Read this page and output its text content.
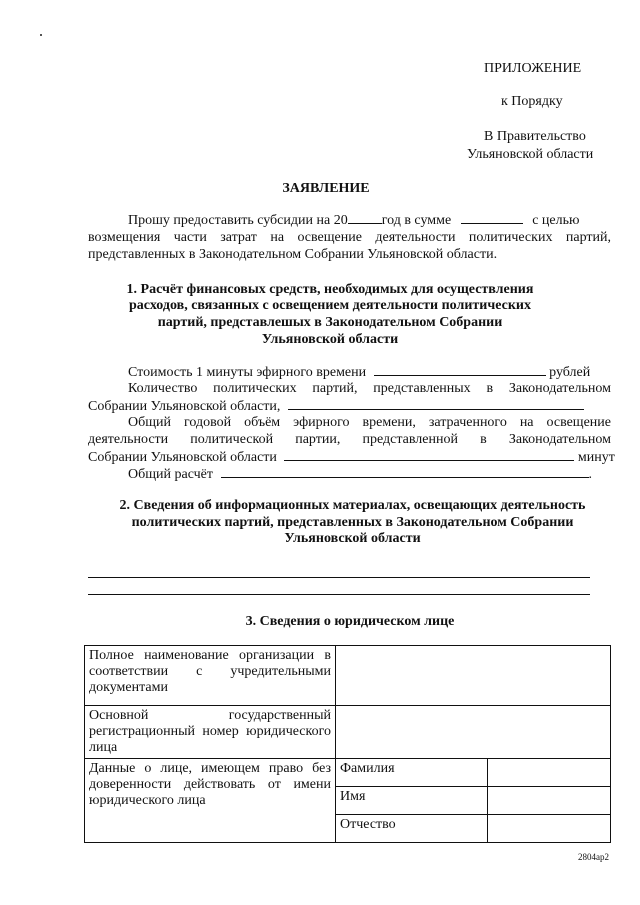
ПРИЛОЖЕНИЕ
к Порядку
В Правительство
Ульяновской области
ЗАЯВЛЕНИЕ
Прошу предоставить субсидии на 20 год в сумме	с целью
возмещения части затрат на освещение деятельности политических партий,
представленных в Законодательном Собрании Ульяновской области.
1. Расчёт финансовых средств, необходимых для осуществления
расходов, связанных с освещением деятельности политических
партий, представлешых в Законодательном Собрании
Ульяновской области
Стоимость 1 минуты эфирного времени	рублей
Количество политических партий, представленных в Законодательном
Собрании Ульяновской области,
Общий годовой объём эфирного времени, затраченного на освещение
деятельности политической партии, представленной в Законодательном
Собрании Ульяновской области	минут
Общий расчёт	.
2. Сведения об информационных материалах, освещающих деятельность
политических партий, представленных в Законодательном Собрании
Ульяновской области
3. Сведения о юридическом лице
Полное наименование организации в соответствии с учредительными документами		
Основной государственный регистрационный номер юридического лица		
Данные о лице, имеющем право без доверенности действовать от имени юридического лица	Фамилия	
	Имя	
	Отчество	
2804ар2
